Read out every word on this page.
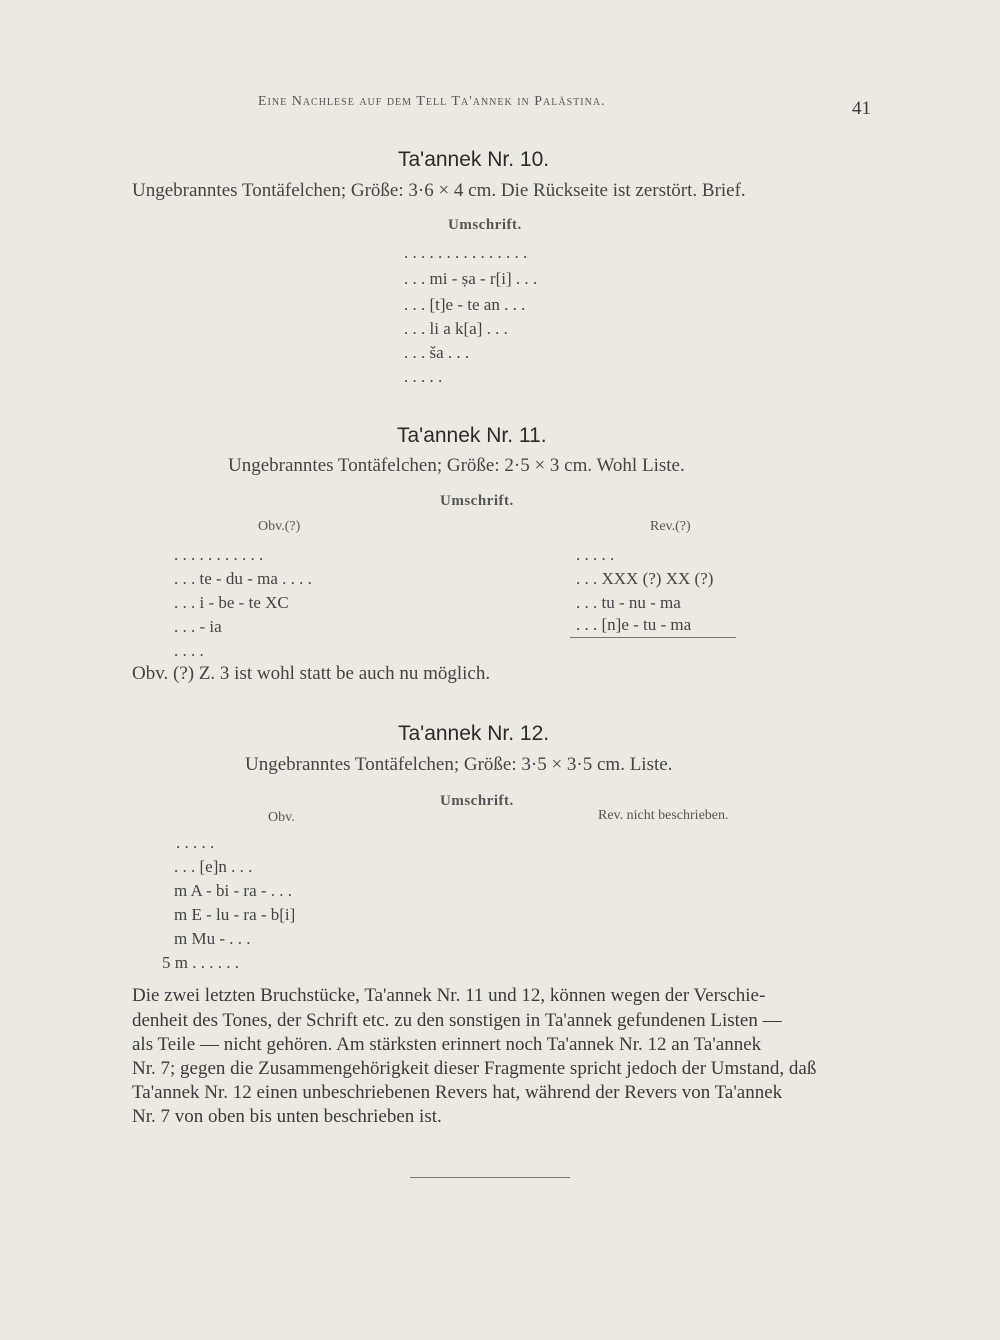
Eine Nachlese auf dem Tell Ta'annek in Palästina.	41
Ta'annek Nr. 10.
Ungebranntes Tontäfelchen; Größe: 3·6 × 4 cm. Die Rückseite ist zerstört. Brief.
Umschrift.
. . . . . . . . . . . . . . .
. . . mi - ṣa - r[i] . . .
. . . [t]e - te an . . .
. . . li a k[a] . . .
. . . ša . . .
. . . . .
Ta'annek Nr. 11.
Ungebranntes Tontäfelchen; Größe: 2·5 × 3 cm. Wohl Liste.
Umschrift.
Obv.(?)	Rev.(?)
. . . . . . . . . . .
. . . te - du - ma . . . .
. . . i - be - te XC
. . . - ia
. . . .
. . . . .
. . . XXX (?) XX (?)
. . . tu - nu - ma
. . . [n]e - tu - ma
Obv. (?) Z. 3 ist wohl statt be auch nu möglich.
Ta'annek Nr. 12.
Ungebranntes Tontäfelchen; Größe: 3·5 × 3·5 cm. Liste.
Umschrift.
Obv.	Rev. nicht beschrieben.
. . . . .
. . . [e]n . . .
m A - bi - ra - . . .
m E - lu - ra - b[i]
m Mu - . . .
5 m . . . . . .
Die zwei letzten Bruchstücke, Ta'annek Nr. 11 und 12, können wegen der Verschie-
denheit des Tones, der Schrift etc. zu den sonstigen in Ta'annek gefundenen Listen —
als Teile — nicht gehören. Am stärksten erinnert noch Ta'annek Nr. 12 an Ta'annek
Nr. 7; gegen die Zusammengehörigkeit dieser Fragmente spricht jedoch der Umstand, daß
Ta'annek Nr. 12 einen unbeschriebenen Revers hat, während der Revers von Ta'annek
Nr. 7 von oben bis unten beschrieben ist.
